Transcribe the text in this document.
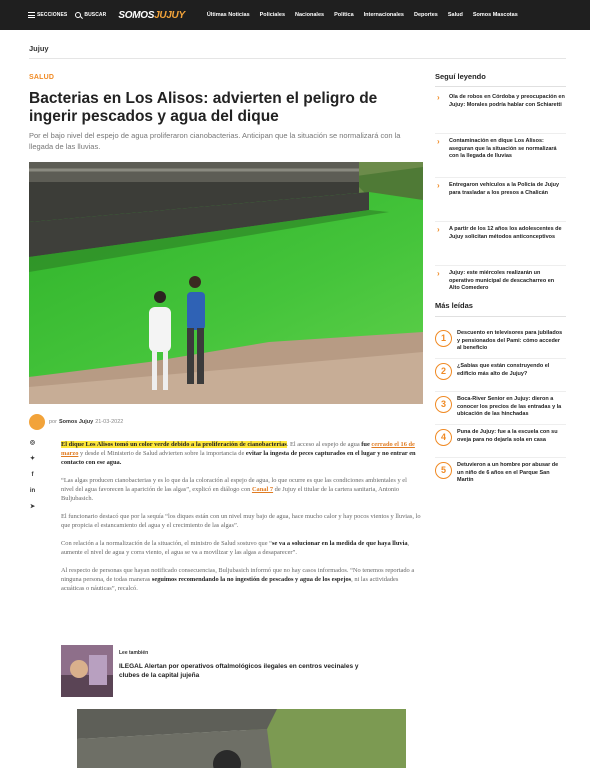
SECCIONES	BUSCAR SOMOSJUJUY	Últimas Noticias Policiales Nacionales Política Internacionales Deportes Salud Somos Mascotas
Jujuy
SALUD
Bacterias en Los Alisos: advierten el peligro de ingerir pescados y agua del dique

Por el bajo nivel del espejo de agua proliferaron cianobacterias. Anticipan que la situación se normalizará con la llegada de las lluvias.

por Somos Jujuy 21-03-2022
◎
✦
f
in
➤

El dique Los Alisos tomó un color verde debido a la proliferación de cianobacterias. El acceso al espejo de agua fue cerrado el 16 de marzo y desde el Ministerio de Salud advierten sobre la importancia de evitar la ingesta de peces capturados en el lugar y no entrar en contacto con ese agua.

“Las algas producen cianobacterias y es lo que da la coloración al espejo de agua, lo que ocurre es que las condiciones ambientales y el nivel del agua favorecen la aparición de las algas”, explicó en diálogo con Canal 7 de Jujuy el titular de la cartera sanitaria, Antonio Buljubasich.

El funcionario destacó que por la sequía “los diques están con un nivel muy bajo de agua, hace mucho calor y hay pocos vientos y lluvias, lo que propicia el estancamiento del agua y el crecimiento de las algas”.

Con relación a la normalización de la situación, el ministro de Salud sostuvo que “se va a solucionar en la medida de que haya lluvia, aumente el nivel de agua y corra viento, el agua se va a movilizar y las algas a desaparecer”.

Al respecto de personas que hayan notificado consecuencias, Buljubasich informó que no hay casos informados. “No tenemos reportado a ninguna persona, de todas maneras seguimos recomendando la no ingestión de pescados y agua de los espejos, ni las actividades acuáticas o náuticas”, recalcó.

Lee también
ILEGAL Alertan por operativos oftalmológicos ilegales en centros vecinales y clubes de la capital jujeña
Seguí leyendo
› Ola de robos en Córdoba y preocupación en Jujuy: Morales podría hablar con Schiaretti
› Contaminación en dique Los Alisos: aseguran que la situación se normalizará con la llegada de lluvias
› Entregaron vehículos a la Policía de Jujuy para trasladar a los presos a Chalicán
› A partir de los 12 años los adolescentes de Jujuy solicitan métodos anticonceptivos
› Jujuy: este miércoles realizarán un operativo municipal de descacharreo en Alto Comedero
Más leídas
1	Descuento en televisores para jubilados y pensionados del Pami: cómo acceder al beneficio
2	¿Sabías que están construyendo el edificio más alto de Jujuy?
3	Boca-River Senior en Jujuy: dieron a conocer los precios de las entradas y la ubicación de las hinchadas
4	Puna de Jujuy: fue a la escuela con su oveja para no dejarla sola en casa
5	Detuvieron a un hombre por abusar de un niño de 6 años en el Parque San Martín
